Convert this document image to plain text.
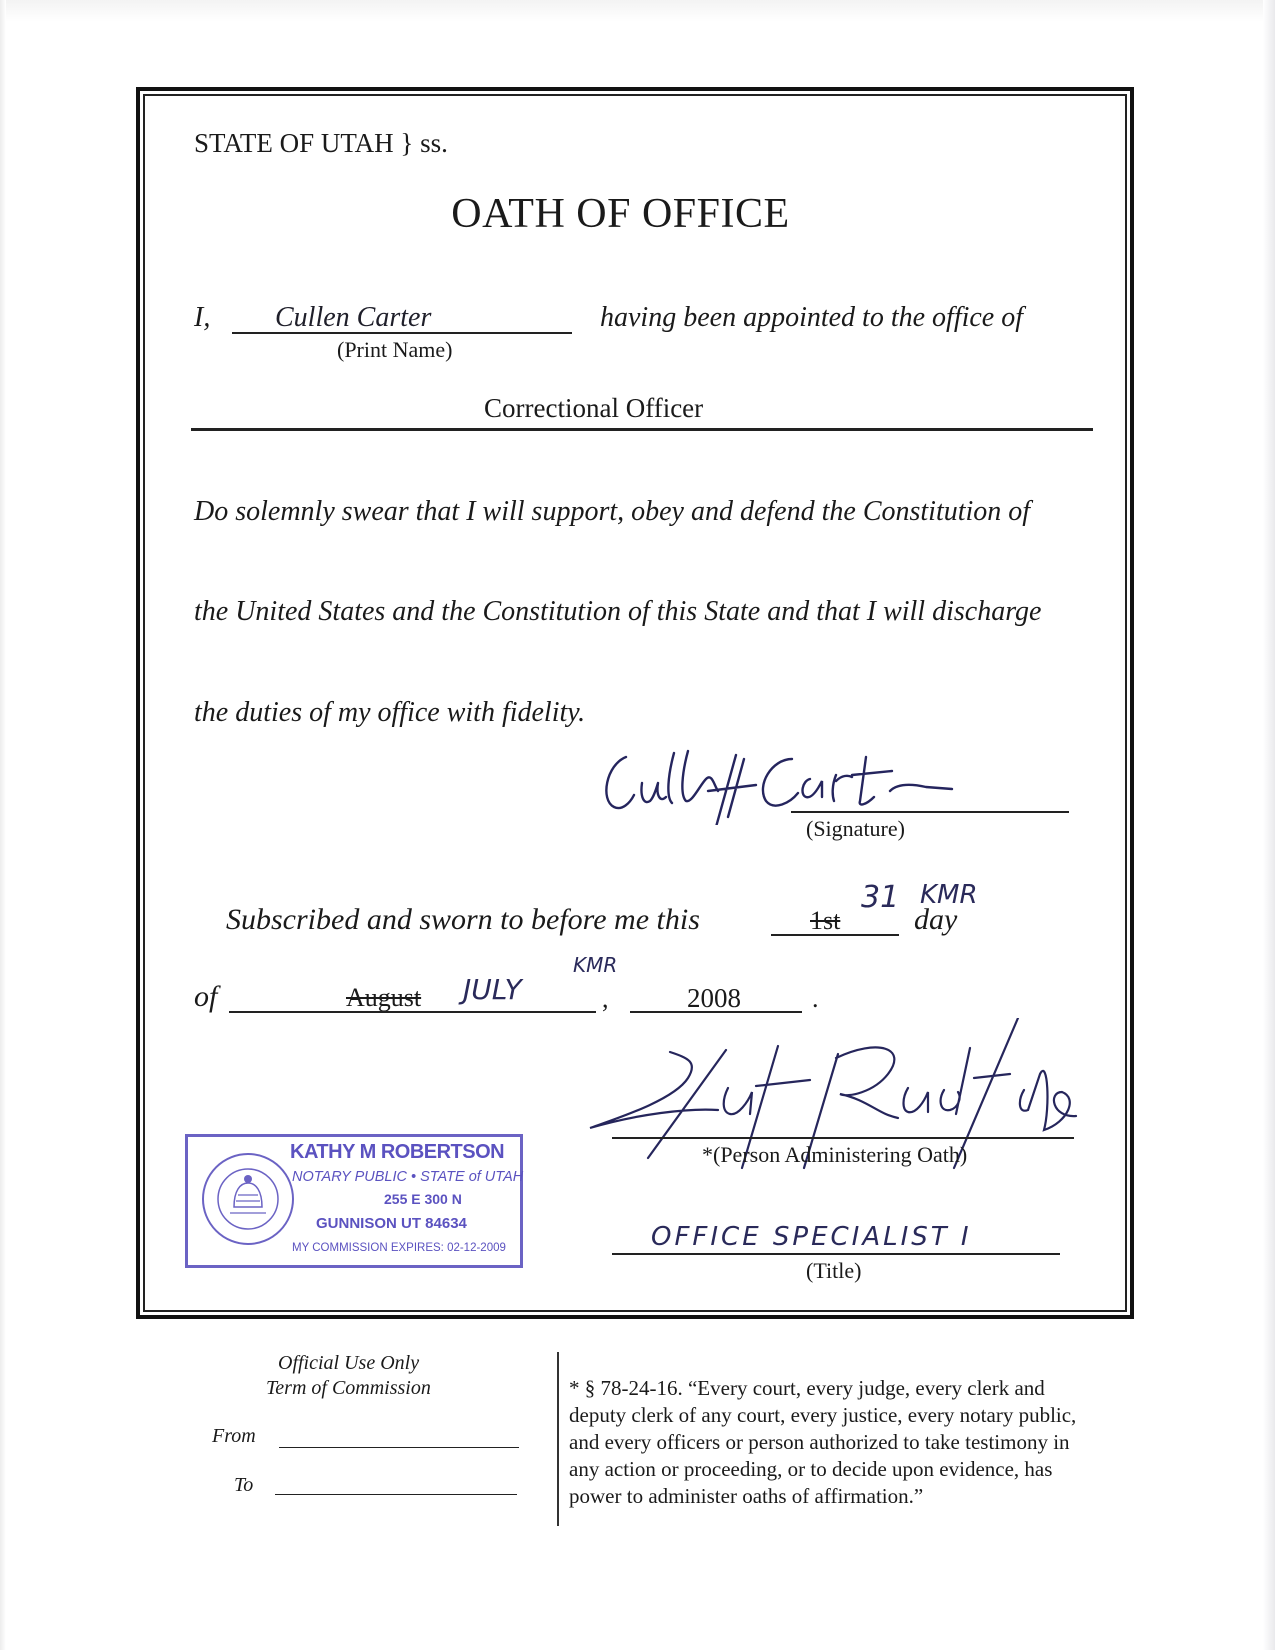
STATE OF UTAH } ss.
OATH OF OFFICE
I, Cullen Carter
(Print Name)
having been appointed to the office of
Correctional Officer
Do solemnly swear that I will support, obey and defend the Constitution of
the United States and the Constitution of this State and that I will discharge
the duties of my office with fidelity.
(Signature)
Subscribed and sworn to before me this	1st
31 KMR
day
of	August JULY
KMR
,	2008	.
*(Person Administering Oath)
OFFICE SPECIALIST I
(Title)
KATHY M ROBERTSON
NOTARY PUBLIC • STATE of UTAH
255 E 300 N
GUNNISON UT 84634
MY COMMISSION EXPIRES: 02-12-2009
Official Use Only
Term of Commission
From
To
* § 78-24-16. “Every court, every judge, every clerk and
deputy clerk of any court, every justice, every notary public,
and every officers or person authorized to take testimony in
any action or proceeding, or to decide upon evidence, has
power to administer oaths of affirmation.”
